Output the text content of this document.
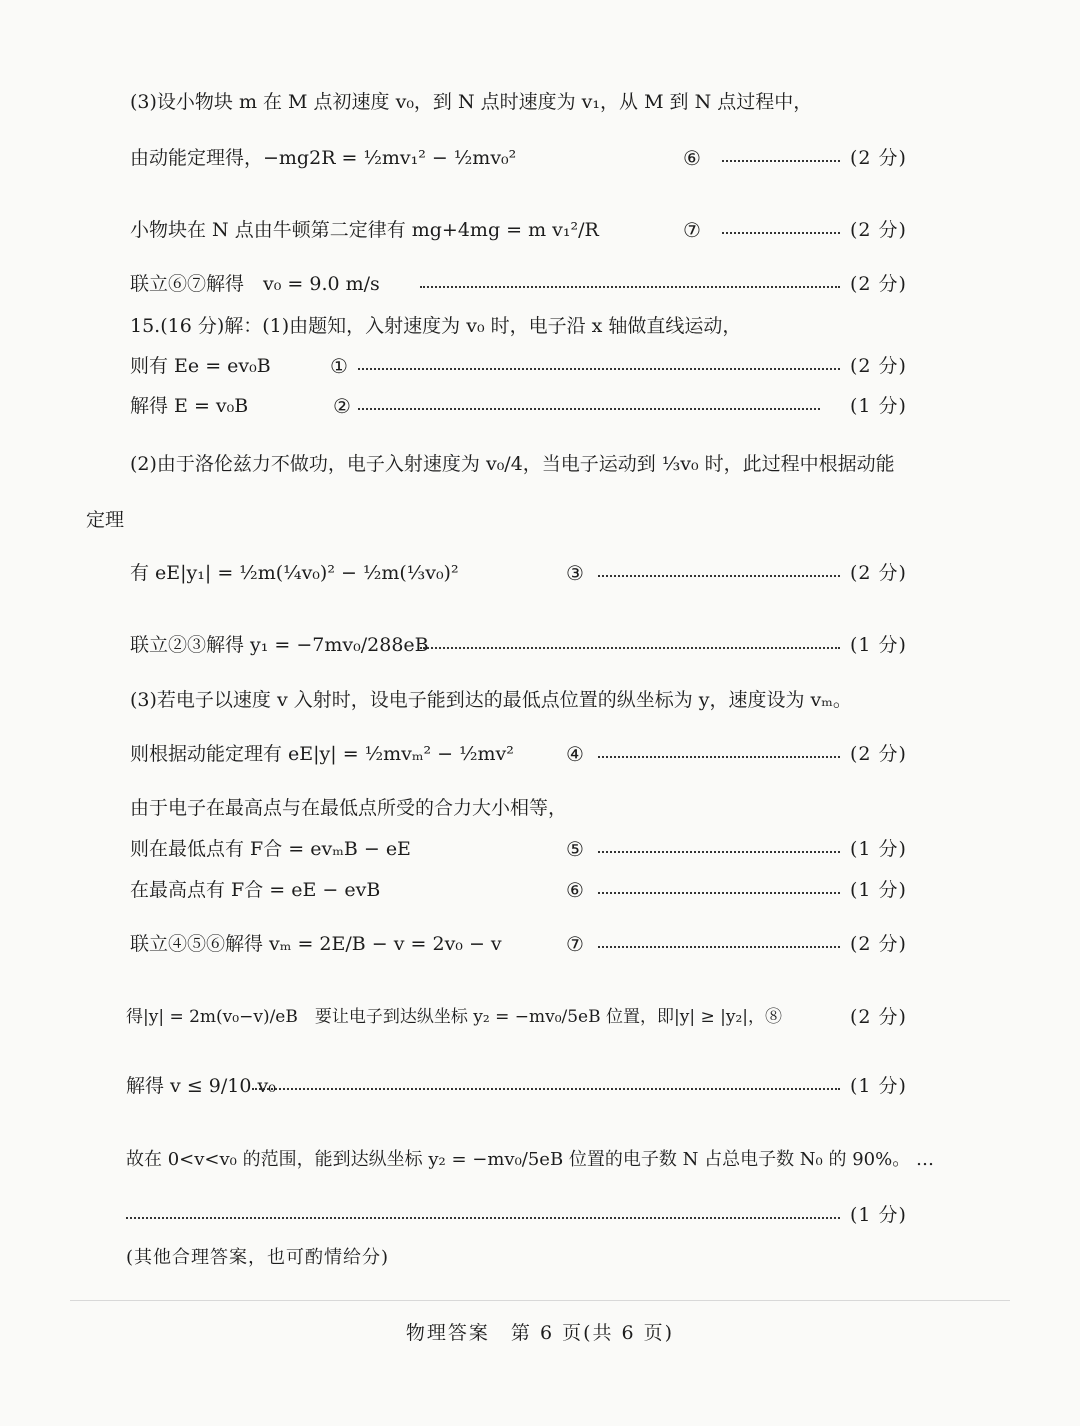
(3)设小物块 m 在 M 点初速度 v₀，到 N 点时速度为 v₁，从 M 到 N 点过程中，
由动能定理得，−mg2R = ½mv₁² − ½mv₀²	⑥	(2 分)
小物块在 N 点由牛顿第二定律有 mg+4mg = m v₁²/R	⑦	(2 分)
联立⑥⑦解得　v₀ = 9.0 m/s	(2 分)
15.(16 分)解：(1)由题知，入射速度为 v₀ 时，电子沿 x 轴做直线运动，
则有 Ee = ev₀B	①	(2 分)
解得 E = v₀B	②	(1 分)
(2)由于洛伦兹力不做功，电子入射速度为 v₀/4，当电子运动到 ⅓v₀ 时，此过程中根据动能
定理
有 eE|y₁| = ½m(¼v₀)² − ½m(⅓v₀)²	③	(2 分)
联立②③解得 y₁ = −7mv₀/288eB	(1 分)
(3)若电子以速度 v 入射时，设电子能到达的最低点位置的纵坐标为 y，速度设为 vₘ。
则根据动能定理有 eE|y| = ½mvₘ² − ½mv²	④	(2 分)
由于电子在最高点与在最低点所受的合力大小相等，
则在最低点有 F合 = evₘB − eE	⑤	(1 分)
在最高点有 F合 = eE − evB	⑥	(1 分)
联立④⑤⑥解得 vₘ = 2E/B − v = 2v₀ − v	⑦	(2 分)
得|y| = 2m(v₀−v)/eB　要让电子到达纵坐标 y₂ = −mv₀/5eB 位置，即|y| ≥ |y₂|，⑧	(2 分)
解得 v ≤ 9/10 v₀	(1 分)
故在 0<v<v₀ 的范围，能到达纵坐标 y₂ = −mv₀/5eB 位置的电子数 N 占总电子数 N₀ 的 90%。 …
(1 分)
(其他合理答案，也可酌情给分)
物理答案　第 6 页(共 6 页)
